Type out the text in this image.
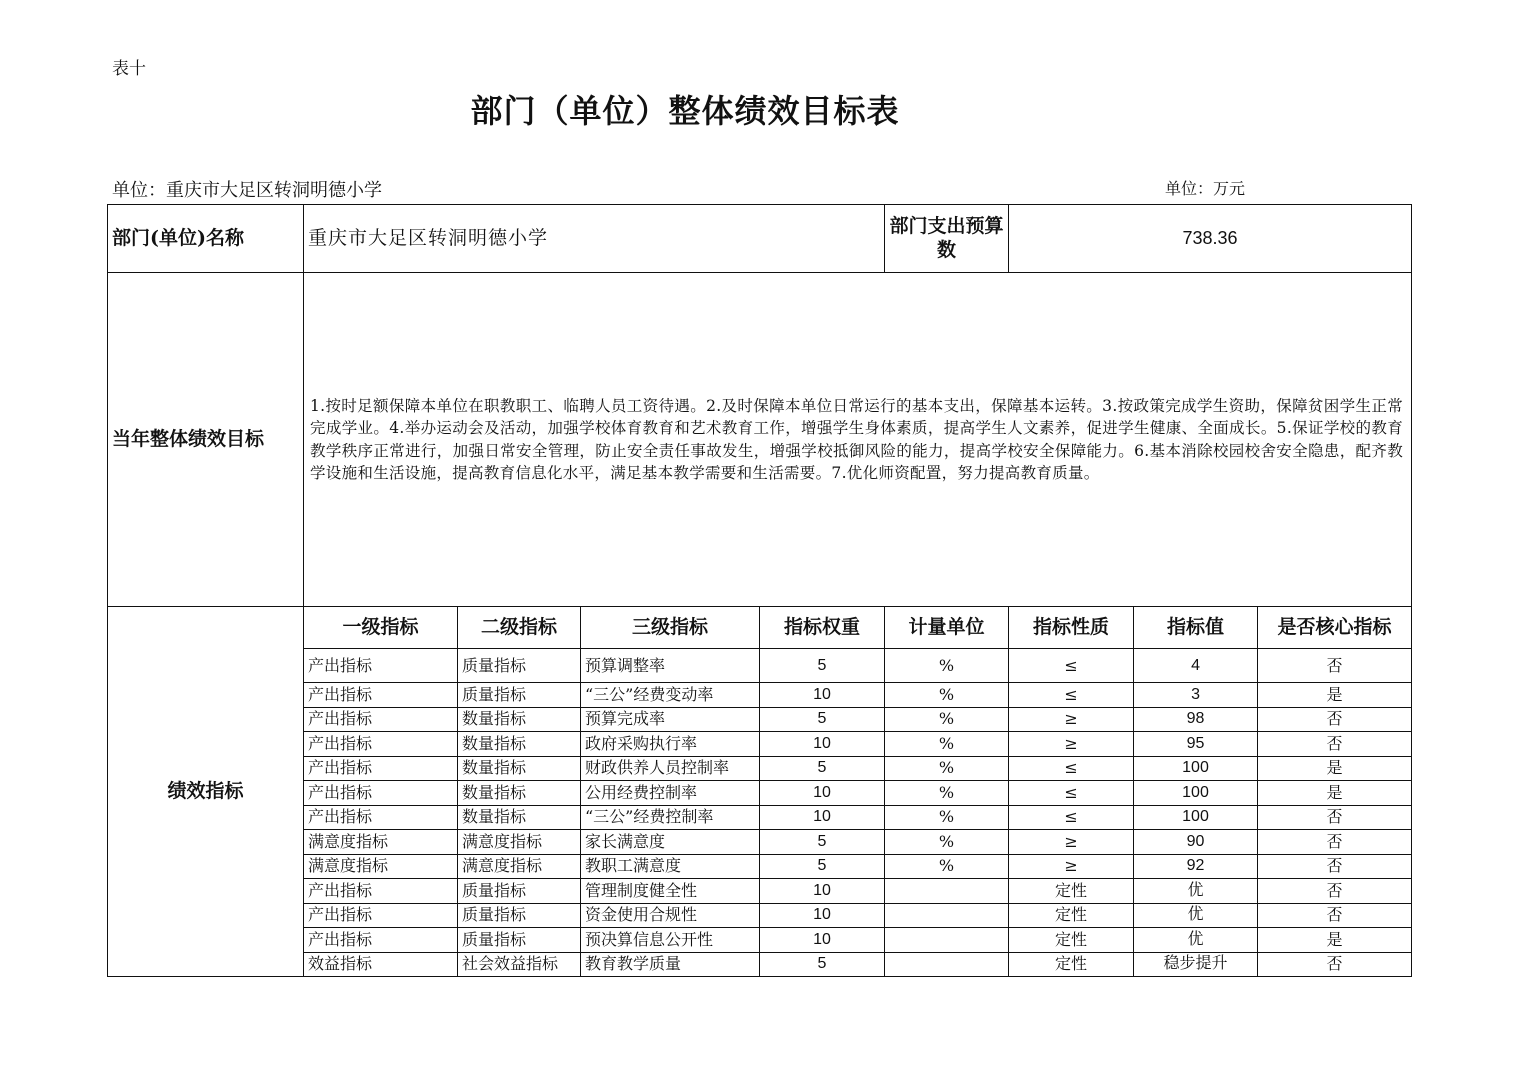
表十
部门（单位）整体绩效目标表
单位：重庆市大足区转洞明德小学	单位：万元
部门(单位)名称	重庆市大足区转洞明德小学				部门支出预算数	738.36		
当年整体绩效目标	1.按时足额保障本单位在职教职工、临聘人员工资待遇。2.及时保障本单位日常运行的基本支出，保障基本运转。3.按政策完成学生资助，保障贫困学生正常完成学业。4.举办运动会及活动，加强学校体育教育和艺术教育工作，增强学生身体素质，提高学生人文素养，促进学生健康、全面成长。5.保证学校的教育教学秩序正常进行，加强日常安全管理，防止安全责任事故发生，增强学校抵御风险的能力，提高学校安全保障能力。6.基本消除校园校舍安全隐患，配齐教学设施和生活设施，提高教育信息化水平，满足基本教学需要和生活需要。7.优化师资配置，努力提高教育质量。							
绩效指标	一级指标	二级指标	三级指标	指标权重	计量单位	指标性质	指标值	是否核心指标
	产出指标	质量指标	预算调整率	5	%	≤	4	否
	产出指标	质量指标	“三公”经费变动率	10	%	≤	3	是
	产出指标	数量指标	预算完成率	5	%	≥	98	否
	产出指标	数量指标	政府采购执行率	10	%	≥	95	否
	产出指标	数量指标	财政供养人员控制率	5	%	≤	100	是
	产出指标	数量指标	公用经费控制率	10	%	≤	100	是
	产出指标	数量指标	“三公”经费控制率	10	%	≤	100	否
	满意度指标	满意度指标	家长满意度	5	%	≥	90	否
	满意度指标	满意度指标	教职工满意度	5	%	≥	92	否
	产出指标	质量指标	管理制度健全性	10		定性	优	否
	产出指标	质量指标	资金使用合规性	10		定性	优	否
	产出指标	质量指标	预决算信息公开性	10		定性	优	是
	效益指标	社会效益指标	教育教学质量	5		定性	稳步提升	否
